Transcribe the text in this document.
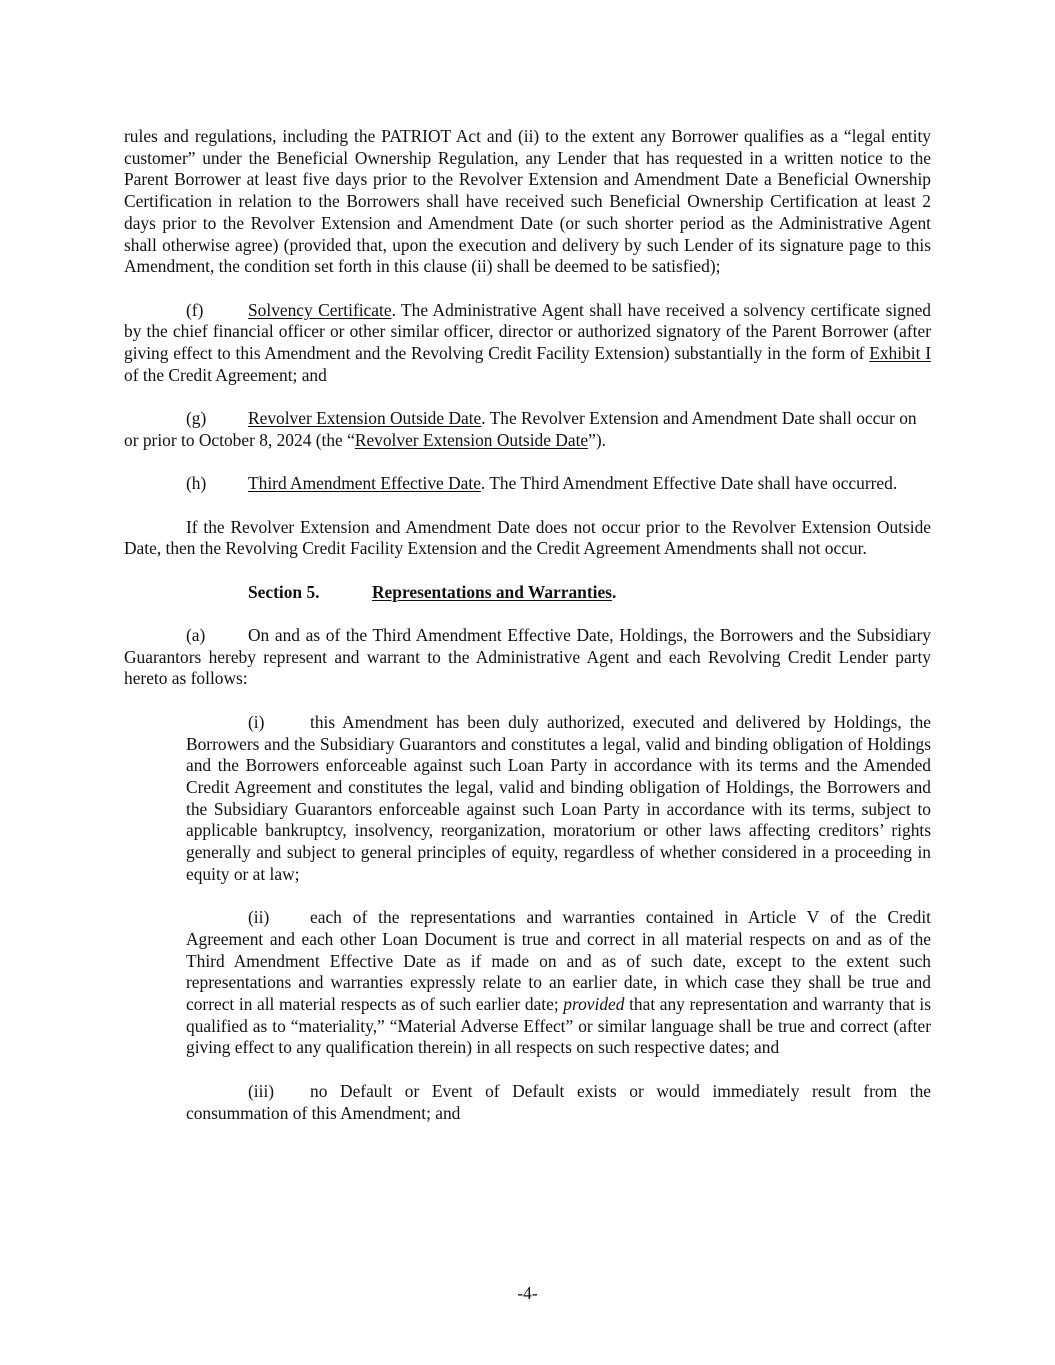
rules and regulations, including the PATRIOT Act and (ii) to the extent any Borrower qualifies as a “legal entity customer” under the Beneficial Ownership Regulation, any Lender that has requested in a written notice to the Parent Borrower at least five days prior to the Revolver Extension and Amendment Date a Beneficial Ownership Certification in relation to the Borrowers shall have received such Beneficial Ownership Certification at least 2 days prior to the Revolver Extension and Amendment Date (or such shorter period as the Administrative Agent shall otherwise agree) (provided that, upon the execution and delivery by such Lender of its signature page to this Amendment, the condition set forth in this clause (ii) shall be deemed to be satisfied);

(f)	Solvency Certificate. The Administrative Agent shall have received a solvency certificate signed by the chief financial officer or other similar officer, director or authorized signatory of the Parent Borrower (after giving effect to this Amendment and the Revolving Credit Facility Extension) substantially in the form of Exhibit I of the Credit Agreement; and

(g) Revolver Extension Outside Date. The Revolver Extension and Amendment Date shall occur on or prior to October 8, 2024 (the “Revolver Extension Outside Date”).

(h) Third Amendment Effective Date. The Third Amendment Effective Date shall have occurred.

If the Revolver Extension and Amendment Date does not occur prior to the Revolver Extension Outside Date, then the Revolving Credit Facility Extension and the Credit Agreement Amendments shall not occur.

Section 5.	Representations and Warranties.

(a) On and as of the Third Amendment Effective Date, Holdings, the Borrowers and the Subsidiary Guarantors hereby represent and warrant to the Administrative Agent and each Revolving Credit Lender party hereto as follows:

(i)	this Amendment has been duly authorized, executed and delivered by Holdings, the Borrowers and the Subsidiary Guarantors and constitutes a legal, valid and binding obligation of Holdings and the Borrowers enforceable against such Loan Party in accordance with its terms and the Amended Credit Agreement and constitutes the legal, valid and binding obligation of Holdings, the Borrowers and the Subsidiary Guarantors enforceable against such Loan Party in accordance with its terms, subject to applicable bankruptcy, insolvency, reorganization, moratorium or other laws affecting creditors’ rights generally and subject to general principles of equity, regardless of whether considered in a proceeding in equity or at law;

(ii) each of the representations and warranties contained in Article V of the Credit Agreement and each other Loan Document is true and correct in all material respects on and as of the Third Amendment Effective Date as if made on and as of such date, except to the extent such representations and warranties expressly relate to an earlier date, in which case they shall be true and correct in all material respects as of such earlier date; provided that any representation and warranty that is qualified as to “materiality,” “Material Adverse Effect” or similar language shall be true and correct (after giving effect to any qualification therein) in all respects on such respective dates; and

(iii) no Default or Event of Default exists or would immediately result from the consummation of this Amendment; and

-4-
